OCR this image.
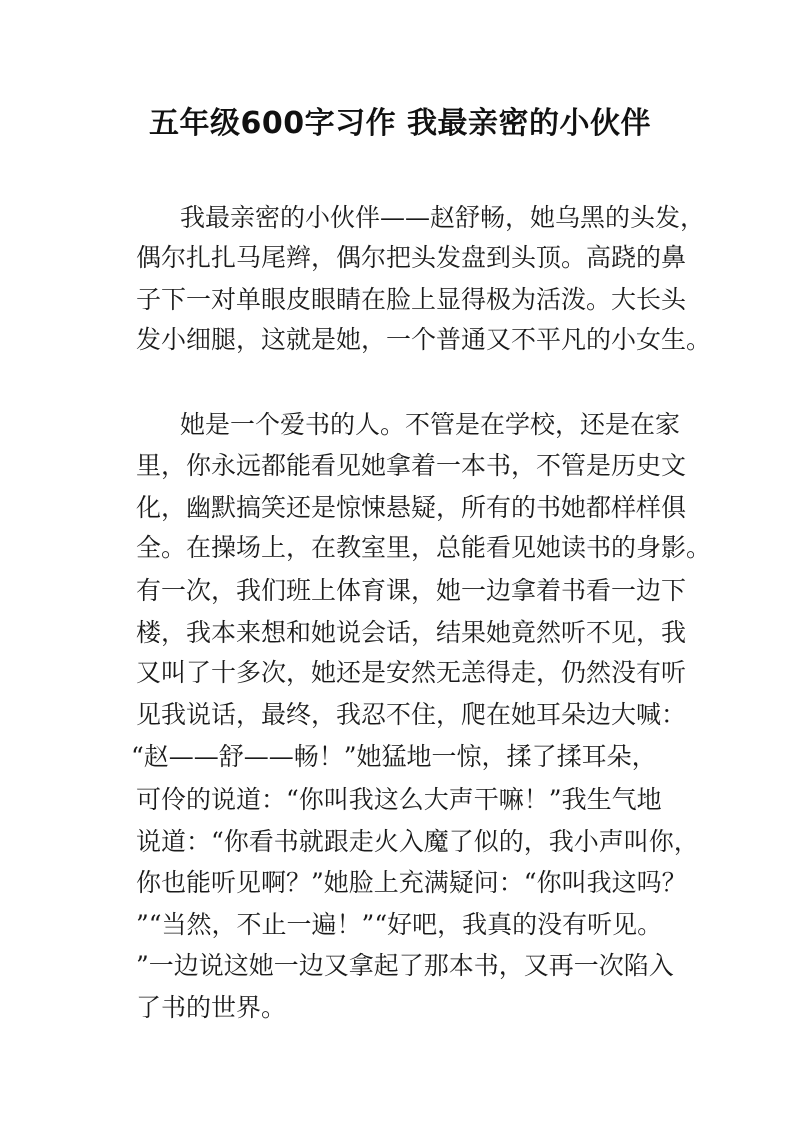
五年级600字习作 我最亲密的小伙伴
我最亲密的小伙伴——赵舒畅，她乌黑的头发，
偶尔扎扎马尾辫，偶尔把头发盘到头顶。高跷的鼻
子下一对单眼皮眼睛在脸上显得极为活泼。大长头
发小细腿，这就是她，一个普通又不平凡的小女生。
她是一个爱书的人。不管是在学校，还是在家
里，你永远都能看见她拿着一本书，不管是历史文
化，幽默搞笑还是惊悚悬疑，所有的书她都样样俱
全。在操场上，在教室里，总能看见她读书的身影。
有一次，我们班上体育课，她一边拿着书看一边下
楼，我本来想和她说会话，结果她竟然听不见，我
又叫了十多次，她还是安然无恙得走，仍然没有听
见我说话，最终，我忍不住，爬在她耳朵边大喊：
“赵——舒——畅！”她猛地一惊，揉了揉耳朵，
可伶的说道：“你叫我这么大声干嘛！”我生气地
说道：“你看书就跟走火入魔了似的，我小声叫你，
你也能听见啊？”她脸上充满疑问：“你叫我这吗？
”“当然，不止一遍！”“好吧，我真的没有听见。
”一边说这她一边又拿起了那本书，又再一次陷入
了书的世界。
